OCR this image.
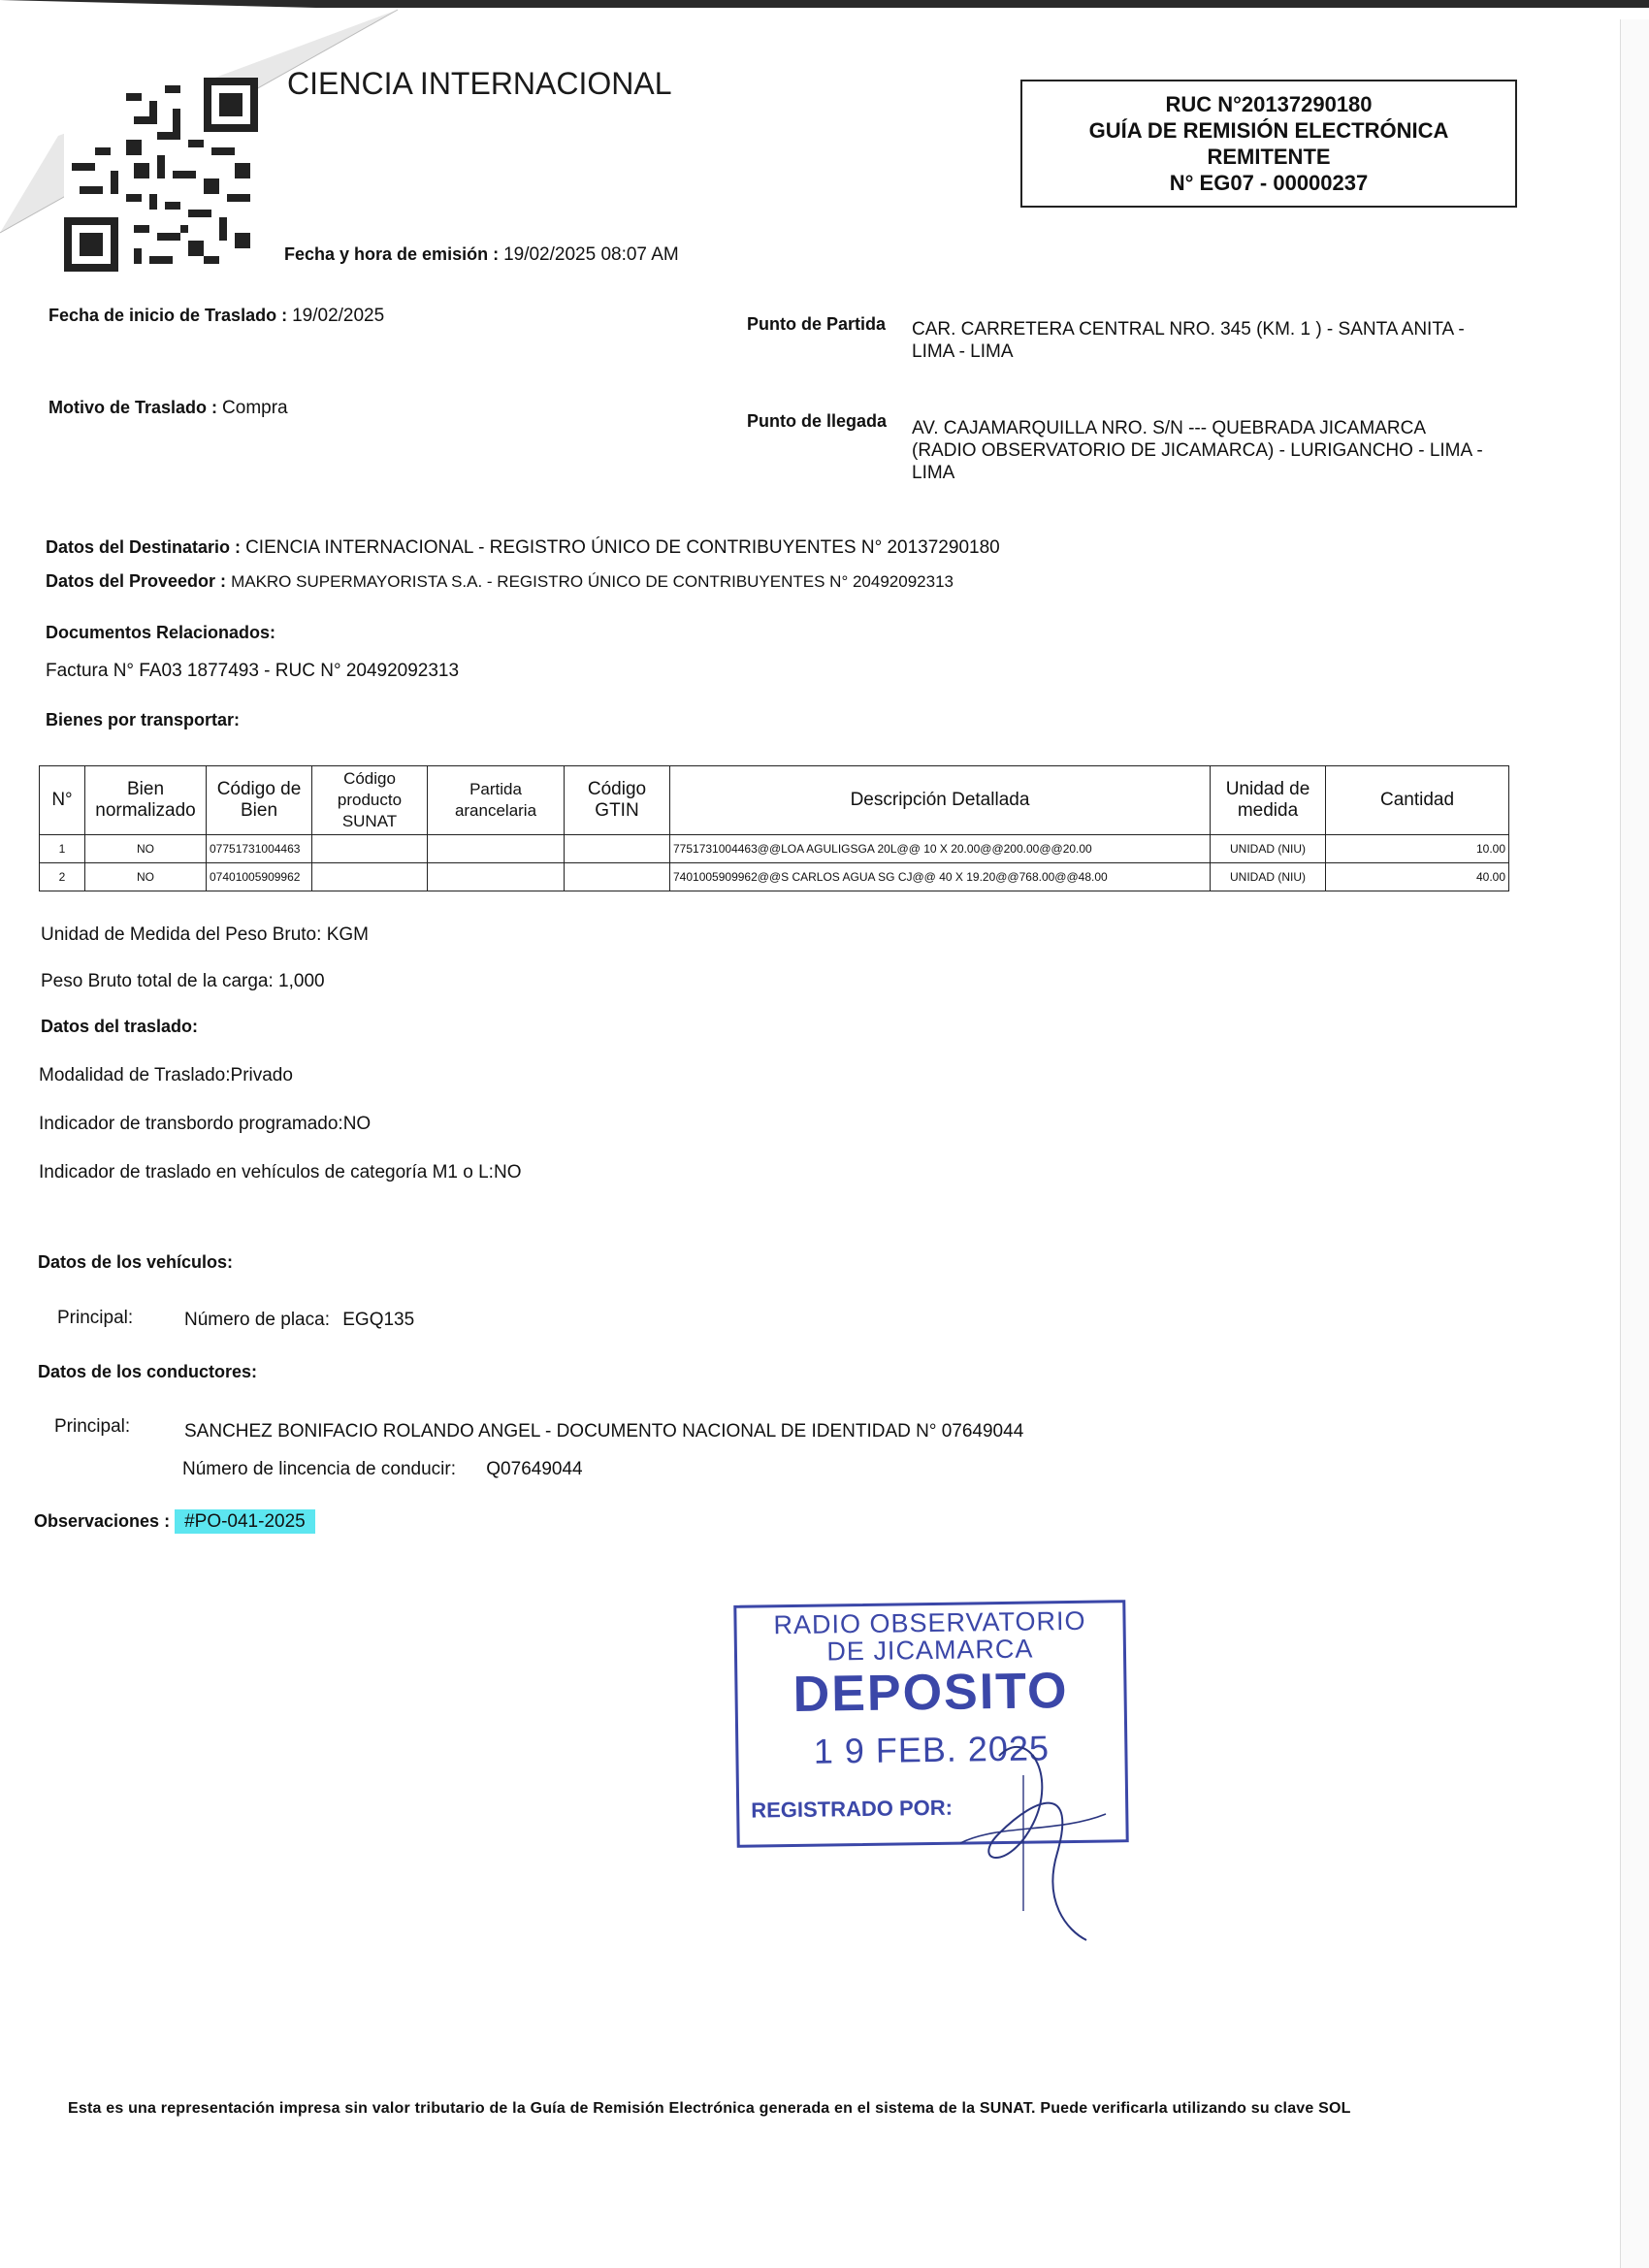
CIENCIA INTERNACIONAL
RUC N°20137290180
GUÍA DE REMISIÓN ELECTRÓNICA
REMITENTE
N° EG07 - 00000237
Fecha y hora de emisión : 19/02/2025 08:07 AM
Fecha de inicio de Traslado : 19/02/2025
Motivo de Traslado : Compra
Punto de Partida CAR. CARRETERA CENTRAL NRO. 345 (KM. 1 ) - SANTA ANITA -
LIMA - LIMA
Punto de llegada AV. CAJAMARQUILLA NRO. S/N --- QUEBRADA JICAMARCA
(RADIO OBSERVATORIO DE JICAMARCA) - LURIGANCHO - LIMA -
LIMA
Datos del Destinatario : CIENCIA INTERNACIONAL - REGISTRO ÚNICO DE CONTRIBUYENTES N° 20137290180
Datos del Proveedor : MAKRO SUPERMAYORISTA S.A. - REGISTRO ÚNICO DE CONTRIBUYENTES N° 20492092313
Documentos Relacionados:
Factura N° FA03 1877493 - RUC N° 20492092313
Bienes por transportar:
N°	Bien normalizado	Código de Bien	Código producto SUNAT	Partida arancelaria	Código GTIN	Descripción Detallada	Unidad de medida	Cantidad
1	NO	07751731004463				7751731004463@@LOA AGULIGSGA 20L@@ 10 X 20.00@@200.00@@20.00	UNIDAD (NIU)	10.00
2	NO	07401005909962				7401005909962@@S CARLOS AGUA SG CJ@@ 40 X 19.20@@768.00@@48.00	UNIDAD (NIU)	40.00
Unidad de Medida del Peso Bruto: KGM
Peso Bruto total de la carga: 1,000
Datos del traslado:
Modalidad de Traslado:Privado
Indicador de transbordo programado:NO
Indicador de traslado en vehículos de categoría M1 o L:NO
Datos de los vehículos:
Principal:	Número de placa: EGQ135
Datos de los conductores:
Principal:	SANCHEZ BONIFACIO ROLANDO ANGEL - DOCUMENTO NACIONAL DE IDENTIDAD N° 07649044
Número de lincencia de conducir: Q07649044
Observaciones : #PO-041-2025
RADIO OBSERVATORIO
DE JICAMARCA
DEPOSITO
1 9 FEB. 2025
REGISTRADO POR:
Esta es una representación impresa sin valor tributario de la Guía de Remisión Electrónica generada en el sistema de la SUNAT. Puede verificarla utilizando su clave SOL
